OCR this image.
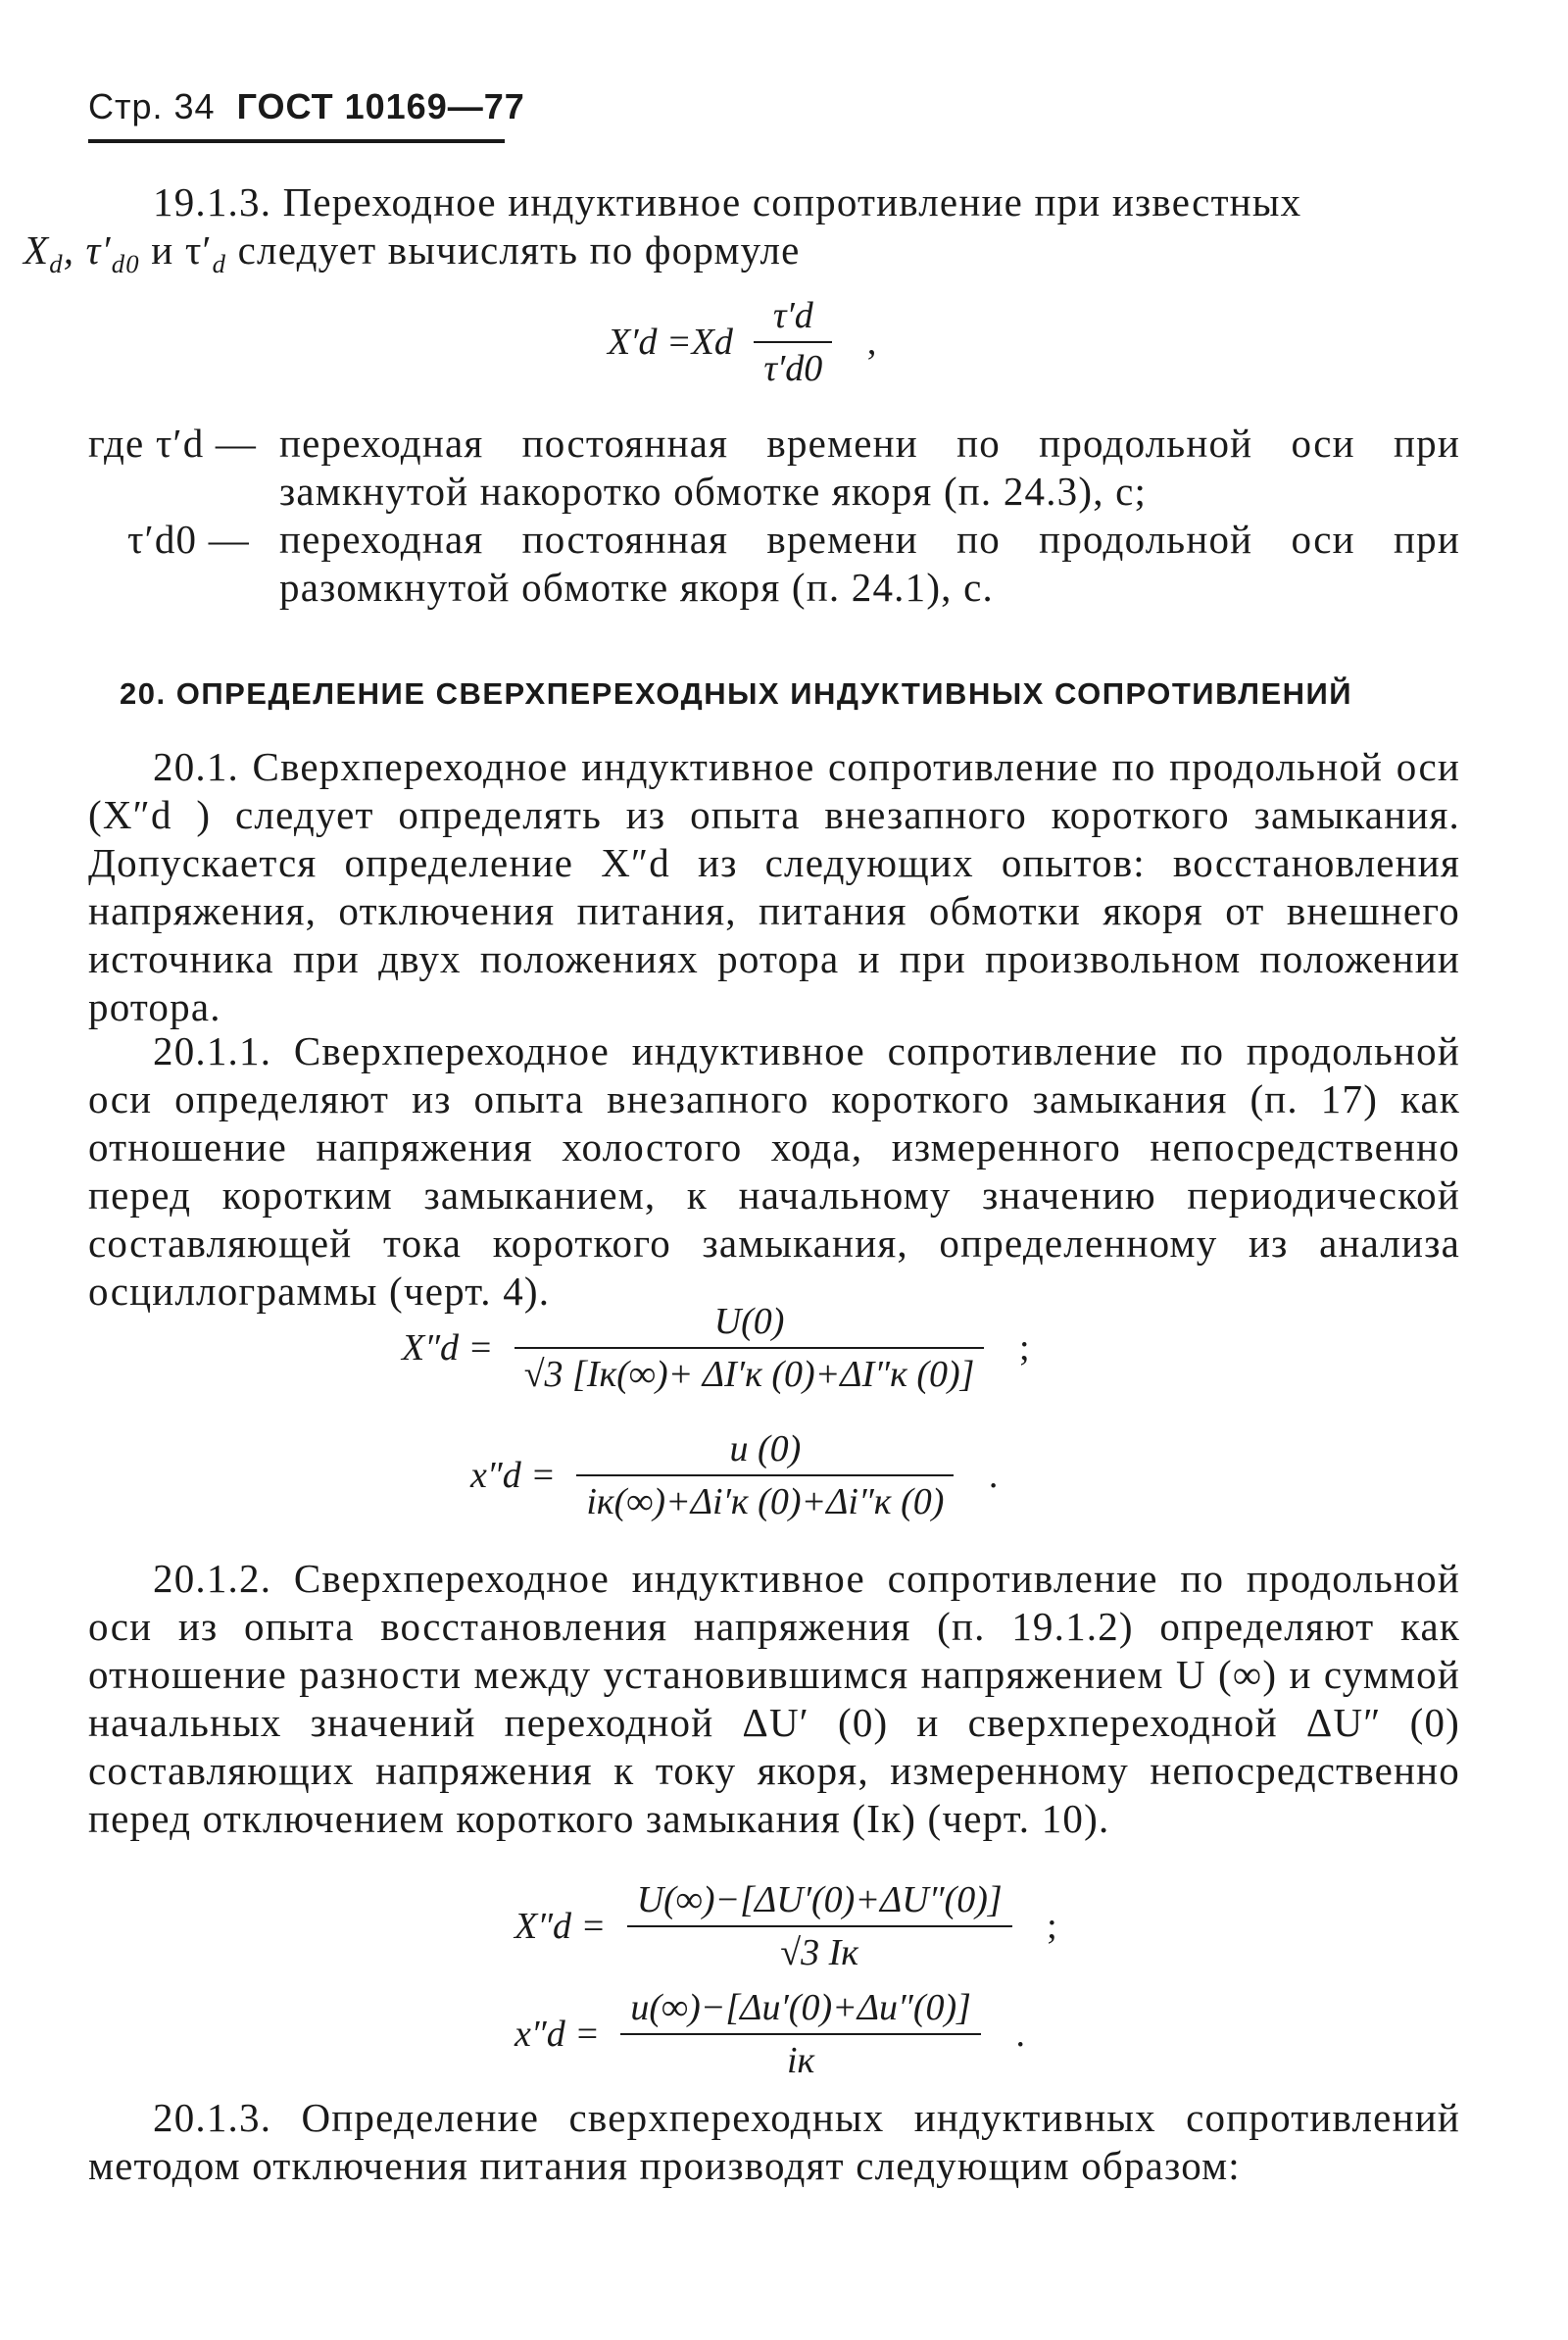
Стр. 34 ГОСТ 10169—77
19.1.3. Переходное индуктивное сопротивление при известных
$X_d$, $\tau'_{d0}$ и $\tau'_d$ следует вычислять по формуле
$X'd =Xd \frac{\tau'd}{\tau'd0}$ ,
где τ′d — переходная постоянная времени по продольной оси при замкнутой накоротко обмотке якоря (п. 24.3), с;
τ′d0 — переходная постоянная времени по продольной оси при разомкнутой обмотке якоря (п. 24.1), с.
20. ОПРЕДЕЛЕНИЕ СВЕРХПЕРЕХОДНЫХ ИНДУКТИВНЫХ СОПРОТИВЛЕНИЙ
20.1. Сверхпереходное индуктивное сопротивление по продольной оси (X″d ) следует определять из опыта внезапного короткого замыкания. Допускается определение X″d из следующих опытов: восстановления напряжения, отключения питания, питания обмотки якоря от внешнего источника при двух положениях ротора и при произвольном положении ротора.
20.1.1. Сверхпереходное индуктивное сопротивление по продольной оси определяют из опыта внезапного короткого замыкания (п. 17) как отношение напряжения холостого хода, измеренного непосредственно перед коротким замыканием, к начальному значению периодической составляющей тока короткого замыкания, определенному из анализа осциллограммы (черт. 4).
$X''d = \frac{U(0)}{√3 [Iк(\infty)+ \Delta I'к (0)+\Delta I''к (0)]}$ ;
$x''d = \frac{u (0)}{iк(\infty)+\Delta i'к (0)+\Delta i''к (0)}$ .
20.1.2. Сверхпереходное индуктивное сопротивление по продольной оси из опыта восстановления напряжения (п. 19.1.2) определяют как отношение разности между установившимся напряжением U (∞) и суммой начальных значений переходной ΔU′ (0) и сверхпереходной ΔU″ (0) составляющих напряжения к току якоря, измеренному непосредственно перед отключением короткого замыкания (Iк) (черт. 10).
$X''d = \frac{U(\infty)-[\Delta U'(0)+\Delta U''(0)]}{√3 Iк}$ ;
$x''d = \frac{u(\infty)-[\Delta u'(0)+\Delta u''(0)]}{iк}$ .
20.1.3. Определение сверхпереходных индуктивных сопротивлений методом отключения питания производят следующим образом:
